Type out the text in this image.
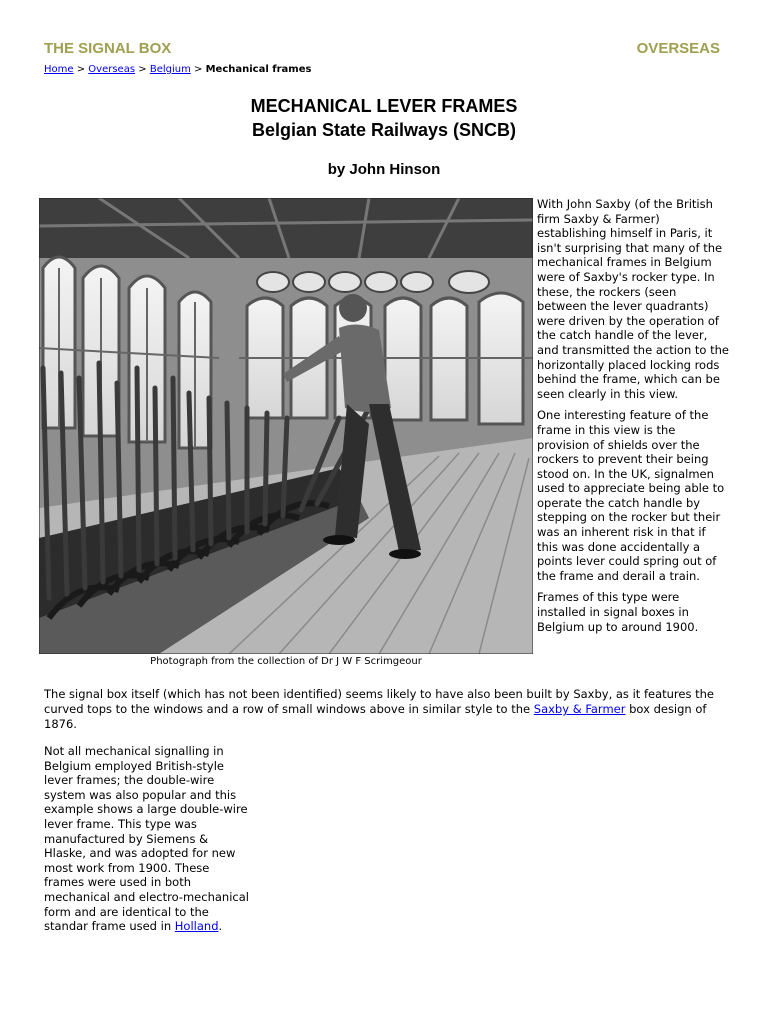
THE SIGNAL BOX	OVERSEAS
Home > Overseas > Belgium > Mechanical frames
MECHANICAL LEVER FRAMES
Belgian State Railways (SNCB)
by John Hinson
Photograph from the collection of Dr J W F Scrimgeour

With John Saxby (of the British firm Saxby & Farmer) establishing himself in Paris, it isn't surprising that many of the mechanical frames in Belgium were of Saxby's rocker type. In these, the rockers (seen between the lever quadrants) were driven by the operation of the catch handle of the lever, and transmitted the action to the horizontally placed locking rods behind the frame, which can be seen clearly in this view.

One interesting feature of the frame in this view is the provision of shields over the rockers to prevent their being stood on. In the UK, signalmen used to appreciate being able to operate the catch handle by stepping on the rocker but their was an inherent risk in that if this was done accidentally a points lever could spring out of the frame and derail a train.

Frames of this type were installed in signal boxes in Belgium up to around 1900.

The signal box itself (which has not been identified) seems likely to have also been built by Saxby, as it features the curved tops to the windows and a row of small windows above in similar style to the Saxby & Farmer box design of 1876.

Not all mechanical signalling in Belgium employed British-style lever frames; the double-wire system was also popular and this example shows a large double-wire lever frame. This type was manufactured by Siemens & Hlaske, and was adopted for new most work from 1900. These frames were used in both mechanical and electro-mechanical form and are identical to the standar frame used in Holland.
